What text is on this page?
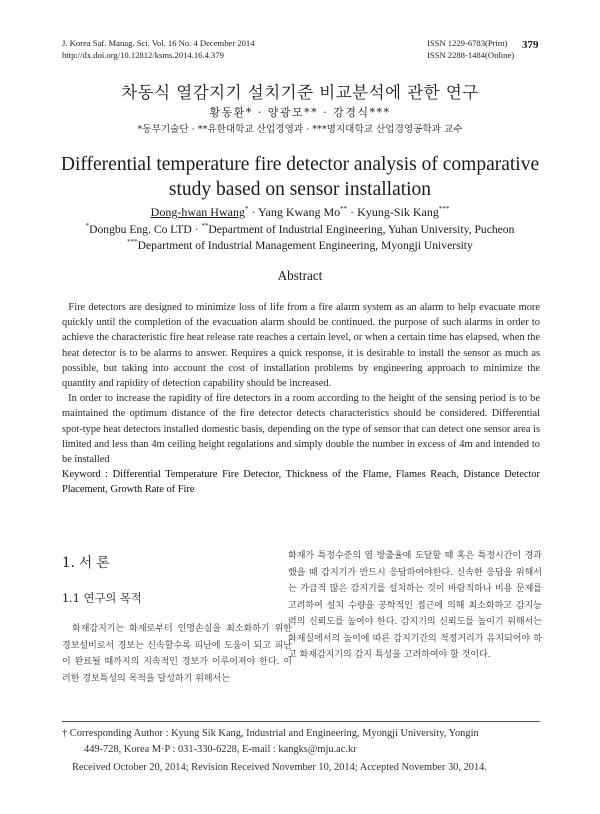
J. Korea Saf. Manag. Sci. Vol. 16 No. 4 December 2014
http://dx.doi.org/10.12812/ksms.2014.16.4.379
ISSN 1229-6783(Print)
ISSN 2288-1484(Online)
379
차동식 열감지기 설치기준 비교분석에 관한 연구
황동환* · 양광모** · 강경식***
*동부기술단 · **유한대학교 산업경영과 · ***명지대학교 산업경영공학과 교수
Differential temperature fire detector analysis of comparative
study based on sensor installation
Dong-hwan Hwang* · Yang Kwang Mo** · Kyung-Sik Kang***
*Dongbu Eng. Co LTD · **Department of Industrial Engineering, Yuhan University, Pucheon
***Department of Industrial Management Engineering, Myongji University
Abstract

Fire detectors are designed to minimize loss of life from a fire alarm system as an alarm to help evacuate more quickly until the completion of the evacuation alarm should be continued. the purpose of such alarms in order to achieve the characteristic fire heat release rate reaches a certain level, or when a certain time has elapsed, when the heat detector is to be alarms to answer. Requires a quick response, it is desirable to install the sensor as much as possible, but taking into account the cost of installation problems by engineering approach to minimize the quantity and rapidity of detection capability should be increased.

In order to increase the rapidity of fire detectors in a room according to the height of the sensing period is to be maintained the optimum distance of the fire detector detects characteristics should be considered. Differential spot-type heat detectors installed domestic basis, depending on the type of sensor that can detect one sensor area is limited and less than 4m ceiling height regulations and simply double the number in excess of 4m and intended to be installed

Keyword : Differential Temperature Fire Detector, Thickness of the Flame, Flames Reach, Distance Detector Placement, Growth Rate of Fire

1. 서 론
1.1 연구의 목적
화재감지기는 화재로부터 인명손실을 최소화하기 위한 경보설비로서 경보는 신속할수록 피난에 도움이 되고 피난이 완료될 때까지의 지속적인 경보가 이루어져야 한다. 이러한 경보특성의 목적을 달성하기 위해서는
화재가 특정수준의 열 방출율에 도달할 때 혹은 특정시간이 경과했을 때 감지기가 반드시 응답하여야한다. 신속한 응답을 위해서는 가급적 많은 감지기를 설치하는 것이 바람직하나 비용 문제를 고려하여 설치 수량을 공학적인 접근에 의해 최소화하고 감지능력의 신뢰도를 높여야 한다. 감지기의 신뢰도를 높이기 위해서는 화재실에서의 높이에 따른 감지기간의 적정거리가 유지되어야 하고 화재감지기의 감지 특성을 고려하여야 할 것이다.
† Corresponding Author : Kyung Sik Kang, Industrial and Engineering, Myongji University, Yongin
449-728, Korea M·P : 031-330-6228, E-mail : kangks@mju.ac.kr
Received October 20, 2014; Revision Received November 10, 2014; Accepted November 30, 2014.
